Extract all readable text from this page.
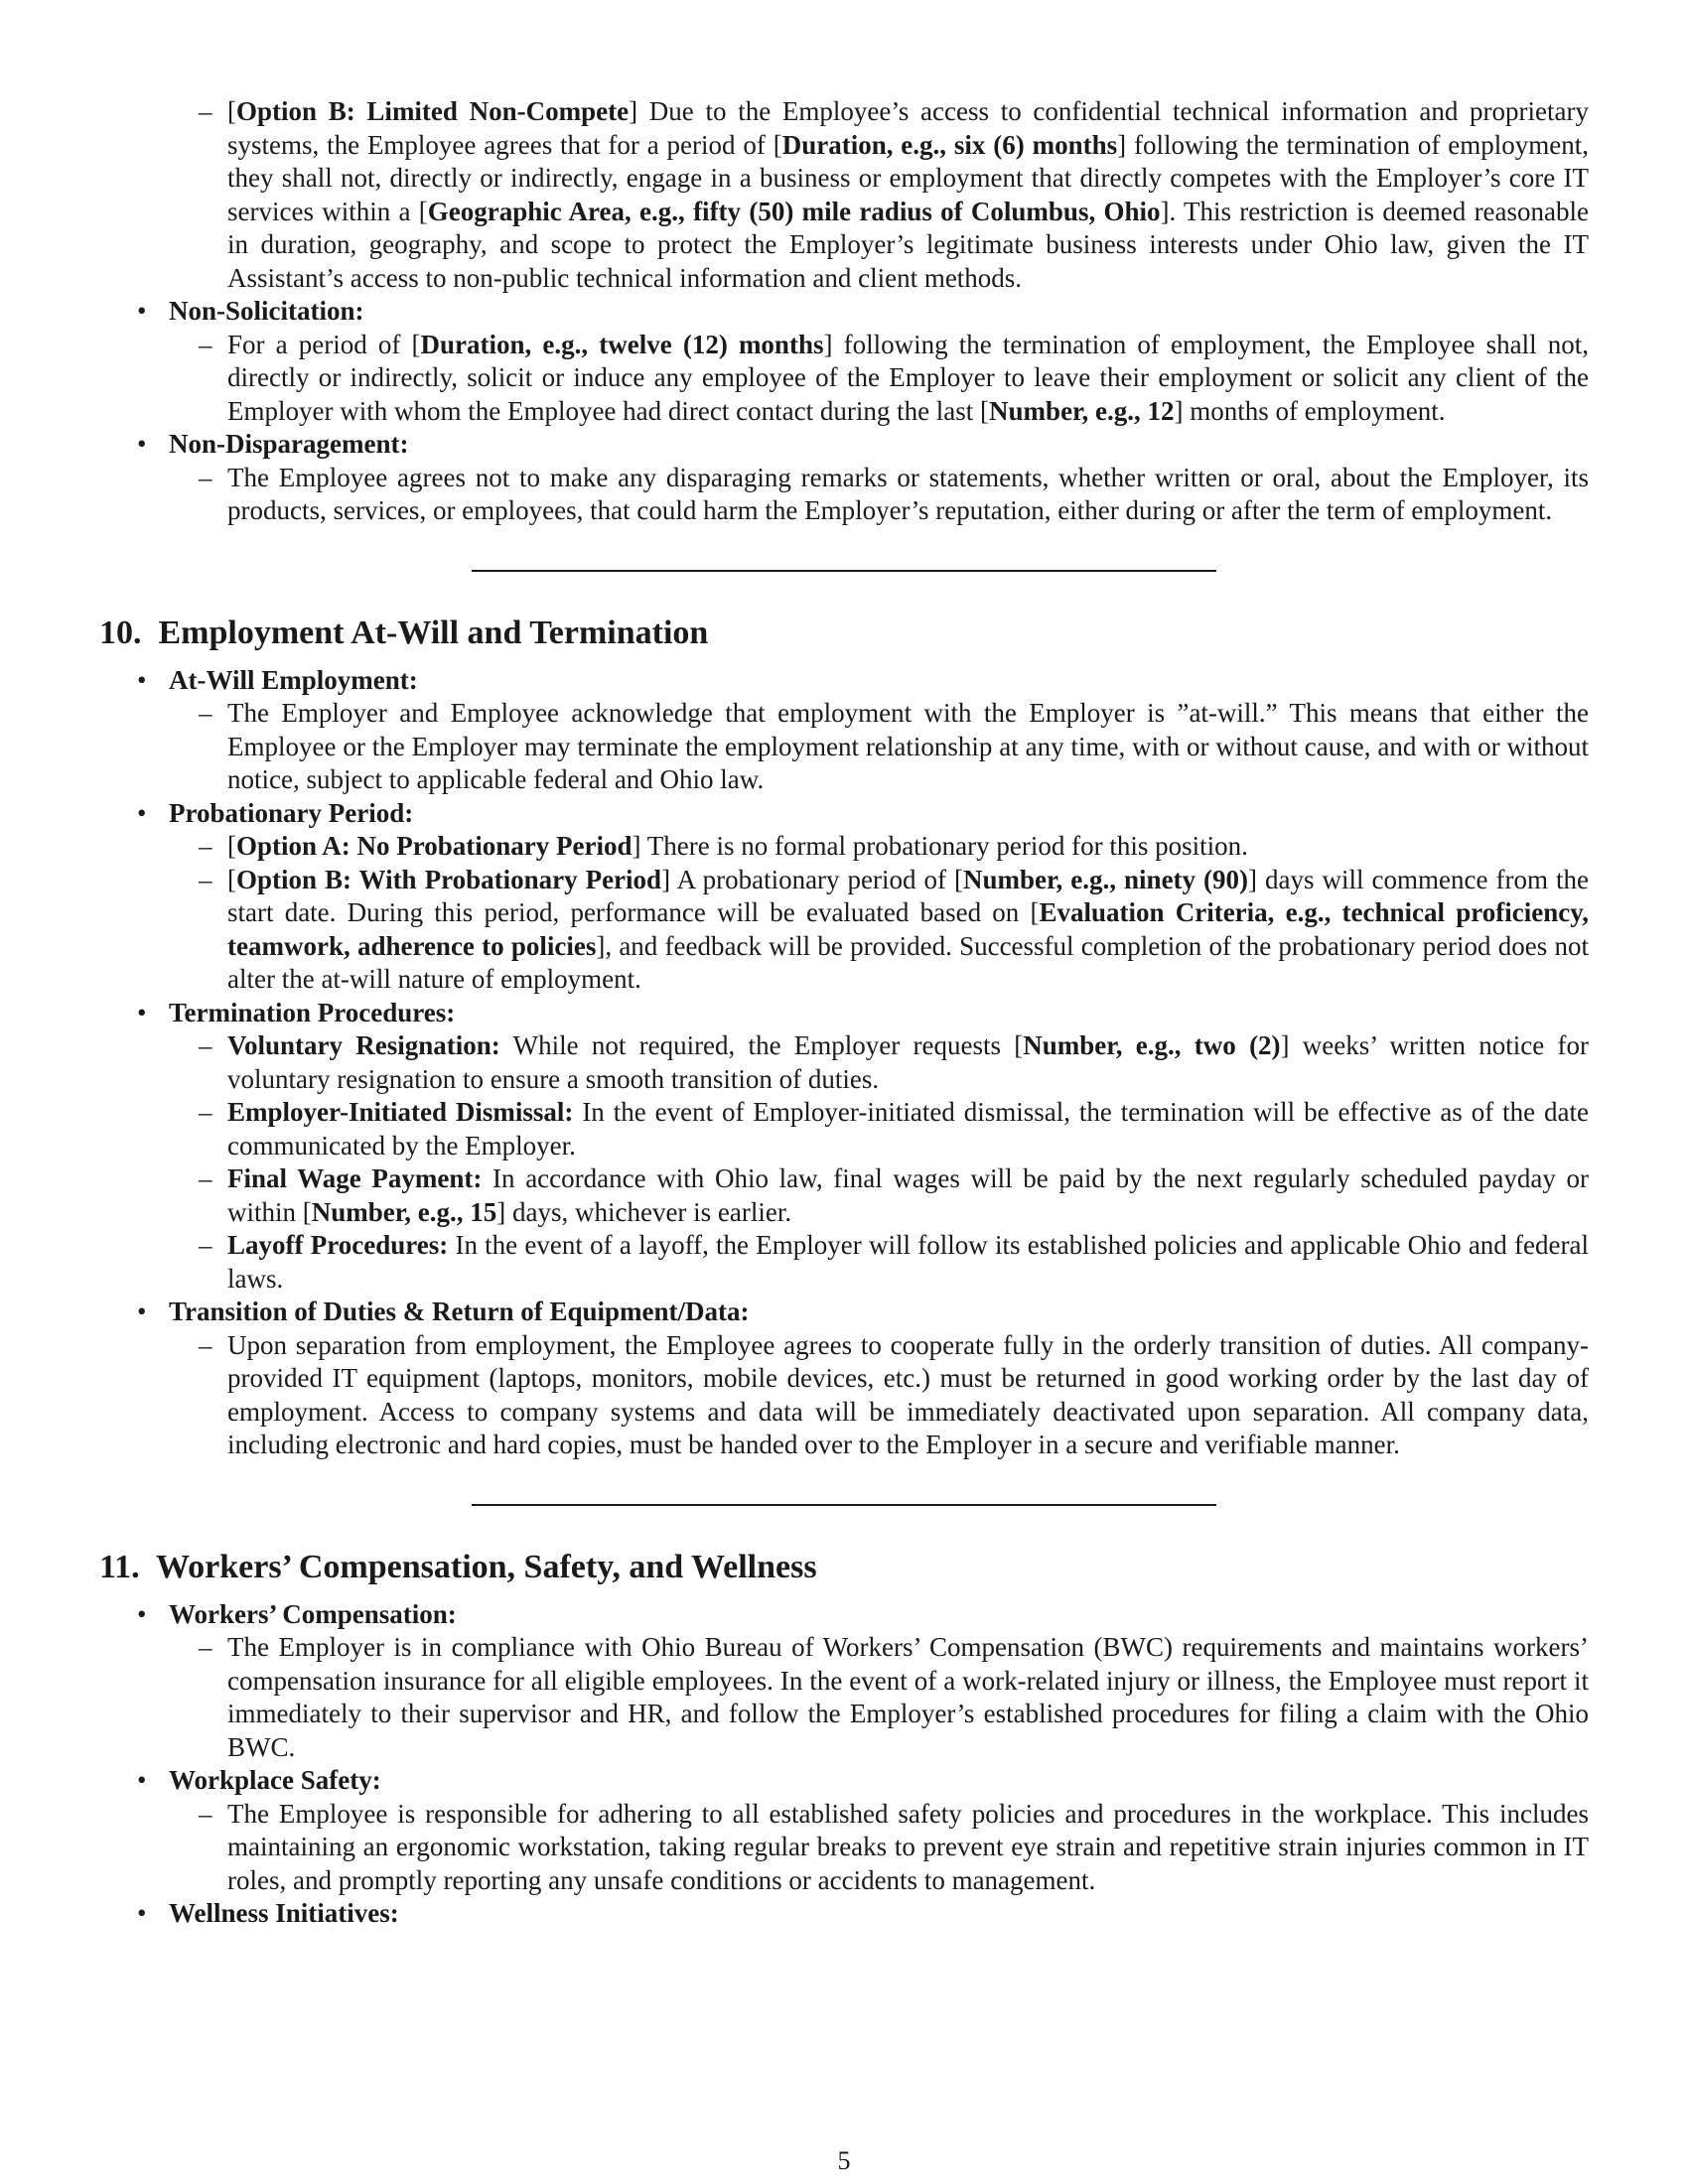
– [Option B: Limited Non-Compete] Due to the Employee’s access to confidential technical information and proprietary systems, the Employee agrees that for a period of [Duration, e.g., six (6) months] following the termination of employment, they shall not, directly or indirectly, engage in a business or employment that directly competes with the Employer’s core IT services within a [Geographic Area, e.g., fifty (50) mile radius of Columbus, Ohio]. This restriction is deemed reasonable in duration, geography, and scope to protect the Employer’s legitimate business interests under Ohio law, given the IT Assistant’s access to non-public technical information and client methods.
• Non-Solicitation:
– For a period of [Duration, e.g., twelve (12) months] following the termination of employment, the Employee shall not, directly or indirectly, solicit or induce any employee of the Employer to leave their employment or solicit any client of the Employer with whom the Employee had direct contact during the last [Number, e.g., 12] months of employment.
• Non-Disparagement:
– The Employee agrees not to make any disparaging remarks or statements, whether written or oral, about the Employer, its products, services, or employees, that could harm the Employer’s reputation, either during or after the term of employment.
10. Employment At-Will and Termination
• At-Will Employment:
– The Employer and Employee acknowledge that employment with the Employer is ”at-will.” This means that either the Employee or the Employer may terminate the employment relationship at any time, with or without cause, and with or without notice, subject to applicable federal and Ohio law.
• Probationary Period:
– [Option A: No Probationary Period] There is no formal probationary period for this position.
– [Option B: With Probationary Period] A probationary period of [Number, e.g., ninety (90)] days will commence from the start date. During this period, performance will be evaluated based on [Evaluation Criteria, e.g., technical proficiency, teamwork, adherence to policies], and feedback will be provided. Successful completion of the probationary period does not alter the at-will nature of employment.
• Termination Procedures:
– Voluntary Resignation: While not required, the Employer requests [Number, e.g., two (2)] weeks’ written notice for voluntary resignation to ensure a smooth transition of duties.
– Employer-Initiated Dismissal: In the event of Employer-initiated dismissal, the termination will be effective as of the date communicated by the Employer.
– Final Wage Payment: In accordance with Ohio law, final wages will be paid by the next regularly scheduled payday or within [Number, e.g., 15] days, whichever is earlier.
– Layoff Procedures: In the event of a layoff, the Employer will follow its established policies and applicable Ohio and federal laws.
• Transition of Duties & Return of Equipment/Data:
– Upon separation from employment, the Employee agrees to cooperate fully in the orderly transition of duties. All company-provided IT equipment (laptops, monitors, mobile devices, etc.) must be returned in good working order by the last day of employment. Access to company systems and data will be immediately deactivated upon separation. All company data, including electronic and hard copies, must be handed over to the Employer in a secure and verifiable manner.
11. Workers’ Compensation, Safety, and Wellness
• Workers’ Compensation:
– The Employer is in compliance with Ohio Bureau of Workers’ Compensation (BWC) requirements and maintains workers’ compensation insurance for all eligible employees. In the event of a work-related injury or illness, the Employee must report it immediately to their supervisor and HR, and follow the Employer’s established procedures for filing a claim with the Ohio BWC.
• Workplace Safety:
– The Employee is responsible for adhering to all established safety policies and procedures in the workplace. This includes maintaining an ergonomic workstation, taking regular breaks to prevent eye strain and repetitive strain injuries common in IT roles, and promptly reporting any unsafe conditions or accidents to management.
• Wellness Initiatives:
5
